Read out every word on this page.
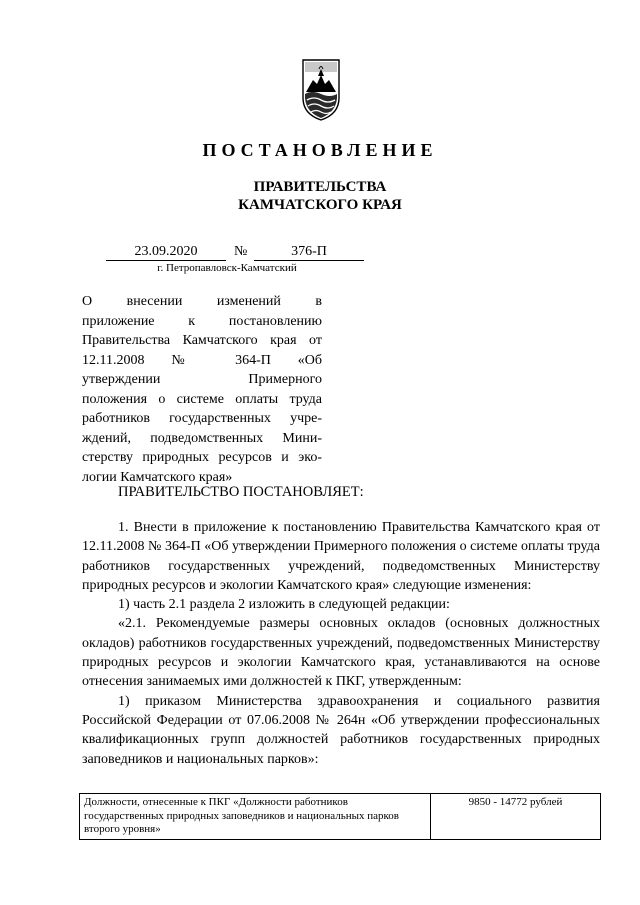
ПОСТАНОВЛЕНИЕ
ПРАВИТЕЛЬСТВА
КАМЧАТСКОГО КРАЯ
23.09.2020	№	376-П
г. Петропавловск-Камчатский
О внесении изменений в
приложение к постановлению
Правительства Камчатского края от
12.11.2008 № 364-П «Об
утверждении Примерного
положения о системе оплаты труда
работников государственных учре-
ждений, подведомственных Мини-
стерству природных ресурсов и эко-
логии Камчатского края»
ПРАВИТЕЛЬСТВО ПОСТАНОВЛЯЕТ:

1. Внести в приложение к постановлению Правительства Камчатского края от 12.11.2008 № 364-П «Об утверждении Примерного положения о системе оплаты труда работников государственных учреждений, подведомственных Министерству природных ресурсов и экологии Камчатского края» следующие изменения:

1) часть 2.1 раздела 2 изложить в следующей редакции:

«2.1. Рекомендуемые размеры основных окладов (основных должностных окладов) работников государственных учреждений, подведомственных Министерству природных ресурсов и экологии Камчатского края, устанавливаются на основе отнесения занимаемых ими должностей к ПКГ, утвержденным:

1) приказом Министерства здравоохранения и социального развития Российской Федерации от 07.06.2008 № 264н «Об утверждении профессиональных квалификационных групп должностей работников государственных природных заповедников и национальных парков»:

Должности, отнесенные к ПКГ «Должности работников государственных природных заповедников и национальных парков второго уровня»	9850 - 14772 рублей
